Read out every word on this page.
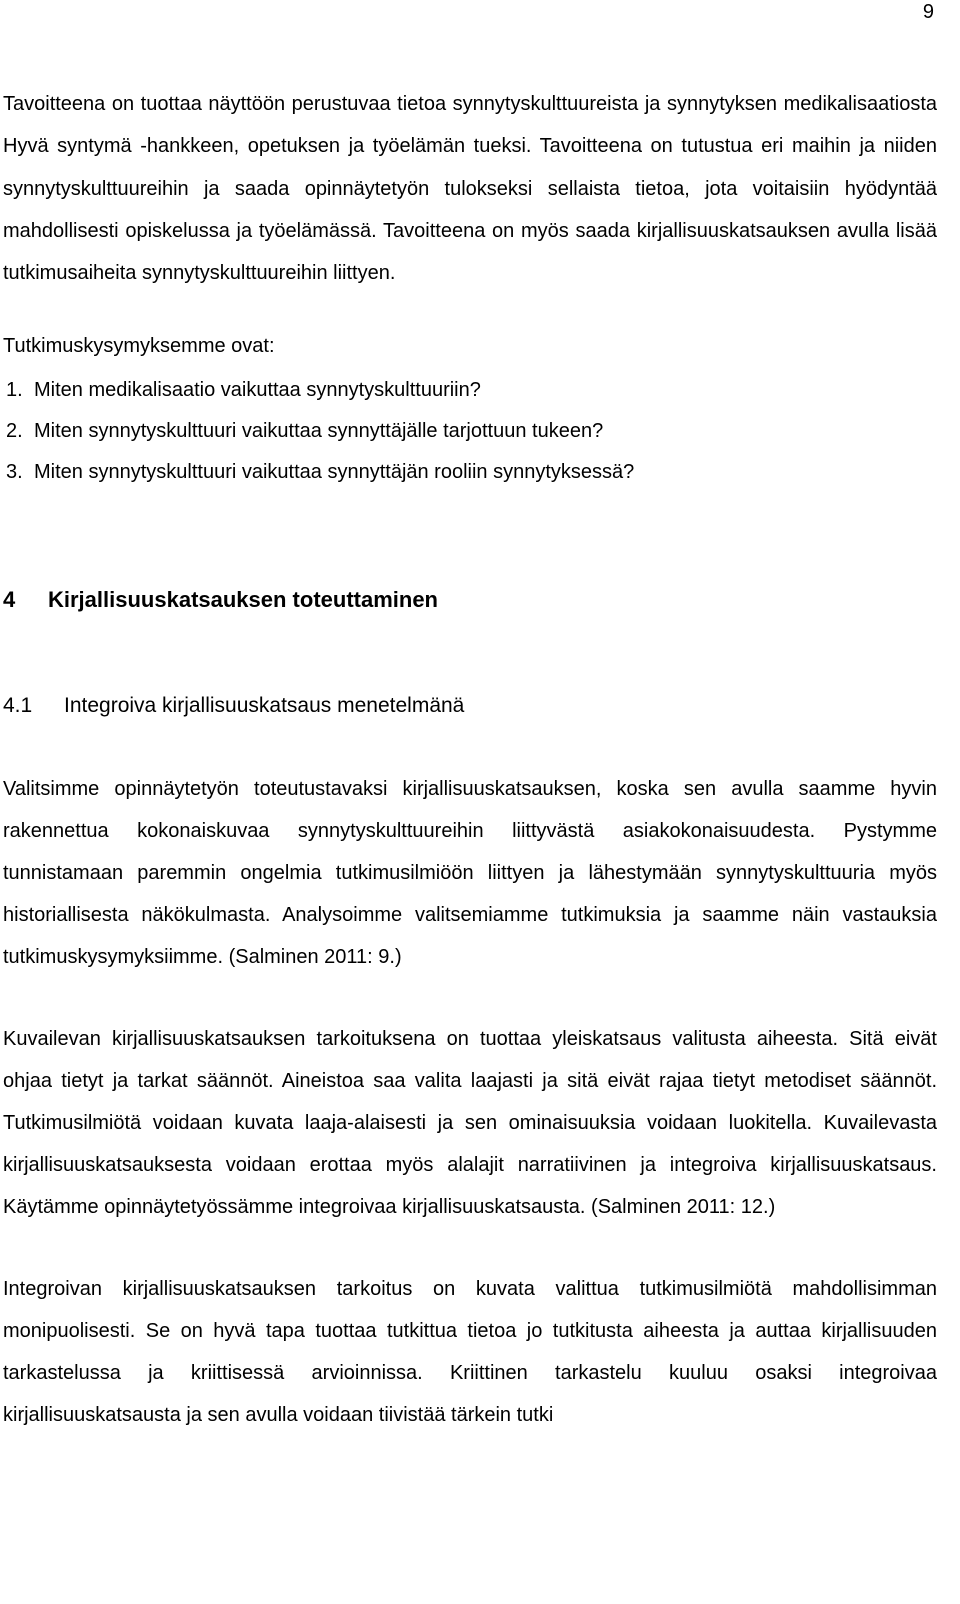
9

Tavoitteena on tuottaa näyttöön perustuvaa tietoa synnytyskulttuureista ja synnytyksen medikalisaatiosta Hyvä syntymä -hankkeen, opetuksen ja työelämän tueksi. Tavoitteena on tutustua eri maihin ja niiden synnytyskulttuureihin ja saada opinnäytetyön tulokseksi sellaista tietoa, jota voitaisiin hyödyntää mahdollisesti opiskelussa ja työelämässä. Tavoitteena on myös saada kirjallisuuskatsauksen avulla lisää tutkimusaiheita synnytyskulttuureihin liittyen.

Tutkimuskysymyksemme ovat:

1. Miten medikalisaatio vaikuttaa synnytyskulttuuriin?
2. Miten synnytyskulttuuri vaikuttaa synnyttäjälle tarjottuun tukeen?
3. Miten synnytyskulttuuri vaikuttaa synnyttäjän rooliin synnytyksessä?
4	Kirjallisuuskatsauksen toteuttaminen
4.1	Integroiva kirjallisuuskatsaus menetelmänä

Valitsimme opinnäytetyön toteutustavaksi kirjallisuuskatsauksen, koska sen avulla saamme hyvin rakennettua kokonaiskuvaa synnytyskulttuureihin liittyvästä asiakokonaisuudesta. Pystymme tunnistamaan paremmin ongelmia tutkimusilmiöön liittyen ja lähestymään synnytyskulttuuria myös historiallisesta näkökulmasta. Analysoimme valitsemiamme tutkimuksia ja saamme näin vastauksia tutkimuskysymyksiimme. (Salminen 2011: 9.)

Kuvailevan kirjallisuuskatsauksen tarkoituksena on tuottaa yleiskatsaus valitusta aiheesta. Sitä eivät ohjaa tietyt ja tarkat säännöt. Aineistoa saa valita laajasti ja sitä eivät rajaa tietyt metodiset säännöt. Tutkimusilmiötä voidaan kuvata laaja-alaisesti ja sen ominaisuuksia voidaan luokitella. Kuvailevasta kirjallisuuskatsauksesta voidaan erottaa myös alalajit narratiivinen ja integroiva kirjallisuuskatsaus. Käytämme opinnäytetyössämme integroivaa kirjallisuuskatsausta. (Salminen 2011: 12.)

Integroivan kirjallisuuskatsauksen tarkoitus on kuvata valittua tutkimusilmiötä mahdollisimman monipuolisesti. Se on hyvä tapa tuottaa tutkittua tietoa jo tutkitusta aiheesta ja auttaa kirjallisuuden tarkastelussa ja kriittisessä arvioinnissa. Kriittinen tarkastelu kuuluu osaksi integroivaa kirjallisuuskatsausta ja sen avulla voidaan tiivistää tärkein tutki
